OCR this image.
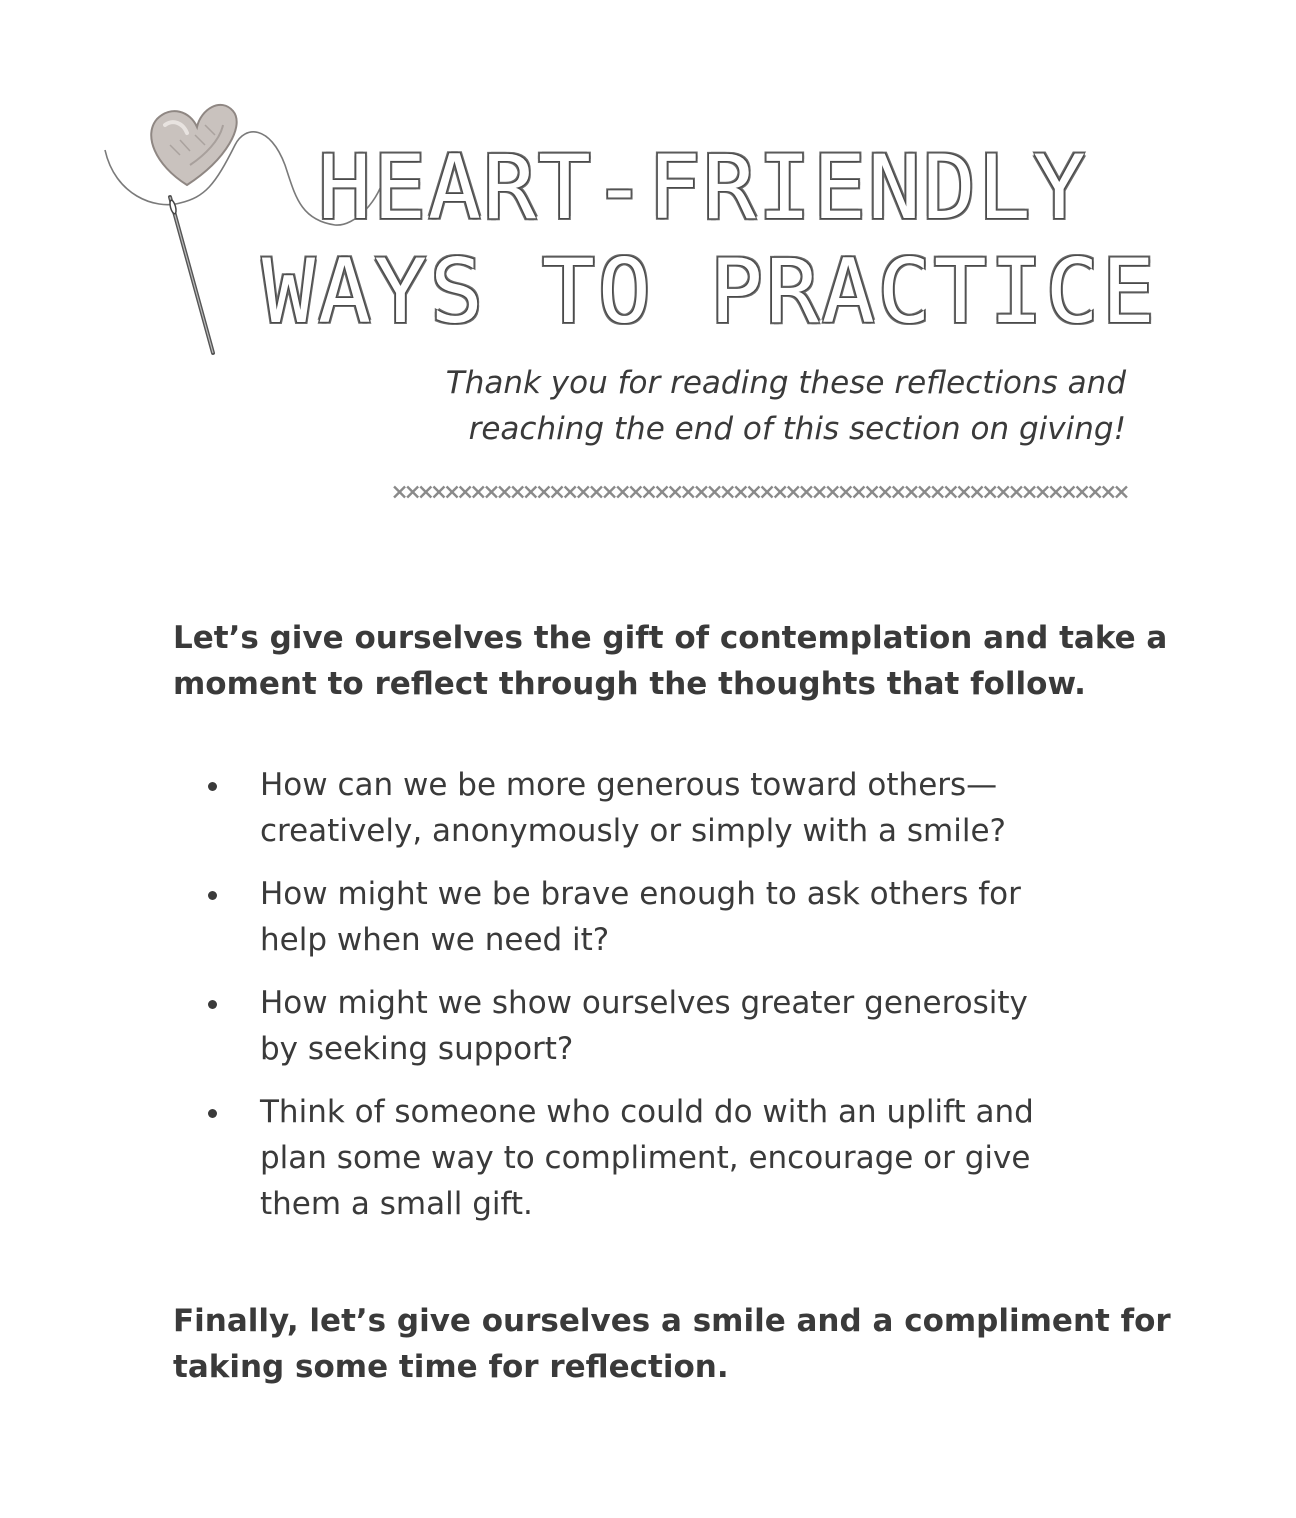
HEART-FRIENDLY
WAYS TO PRACTICE
Thank you for reading these reflections and
reaching the end of this section on giving!
Let’s give ourselves the gift of contemplation and take a
moment to reflect through the thoughts that follow.
How can we be more generous toward others—
creatively, anonymously or simply with a smile?
How might we be brave enough to ask others for
help when we need it?
How might we show ourselves greater generosity
by seeking support?
Think of someone who could do with an uplift and
plan some way to compliment, encourage or give
them a small gift.
Finally, let’s give ourselves a smile and a compliment for
taking some time for reflection.
